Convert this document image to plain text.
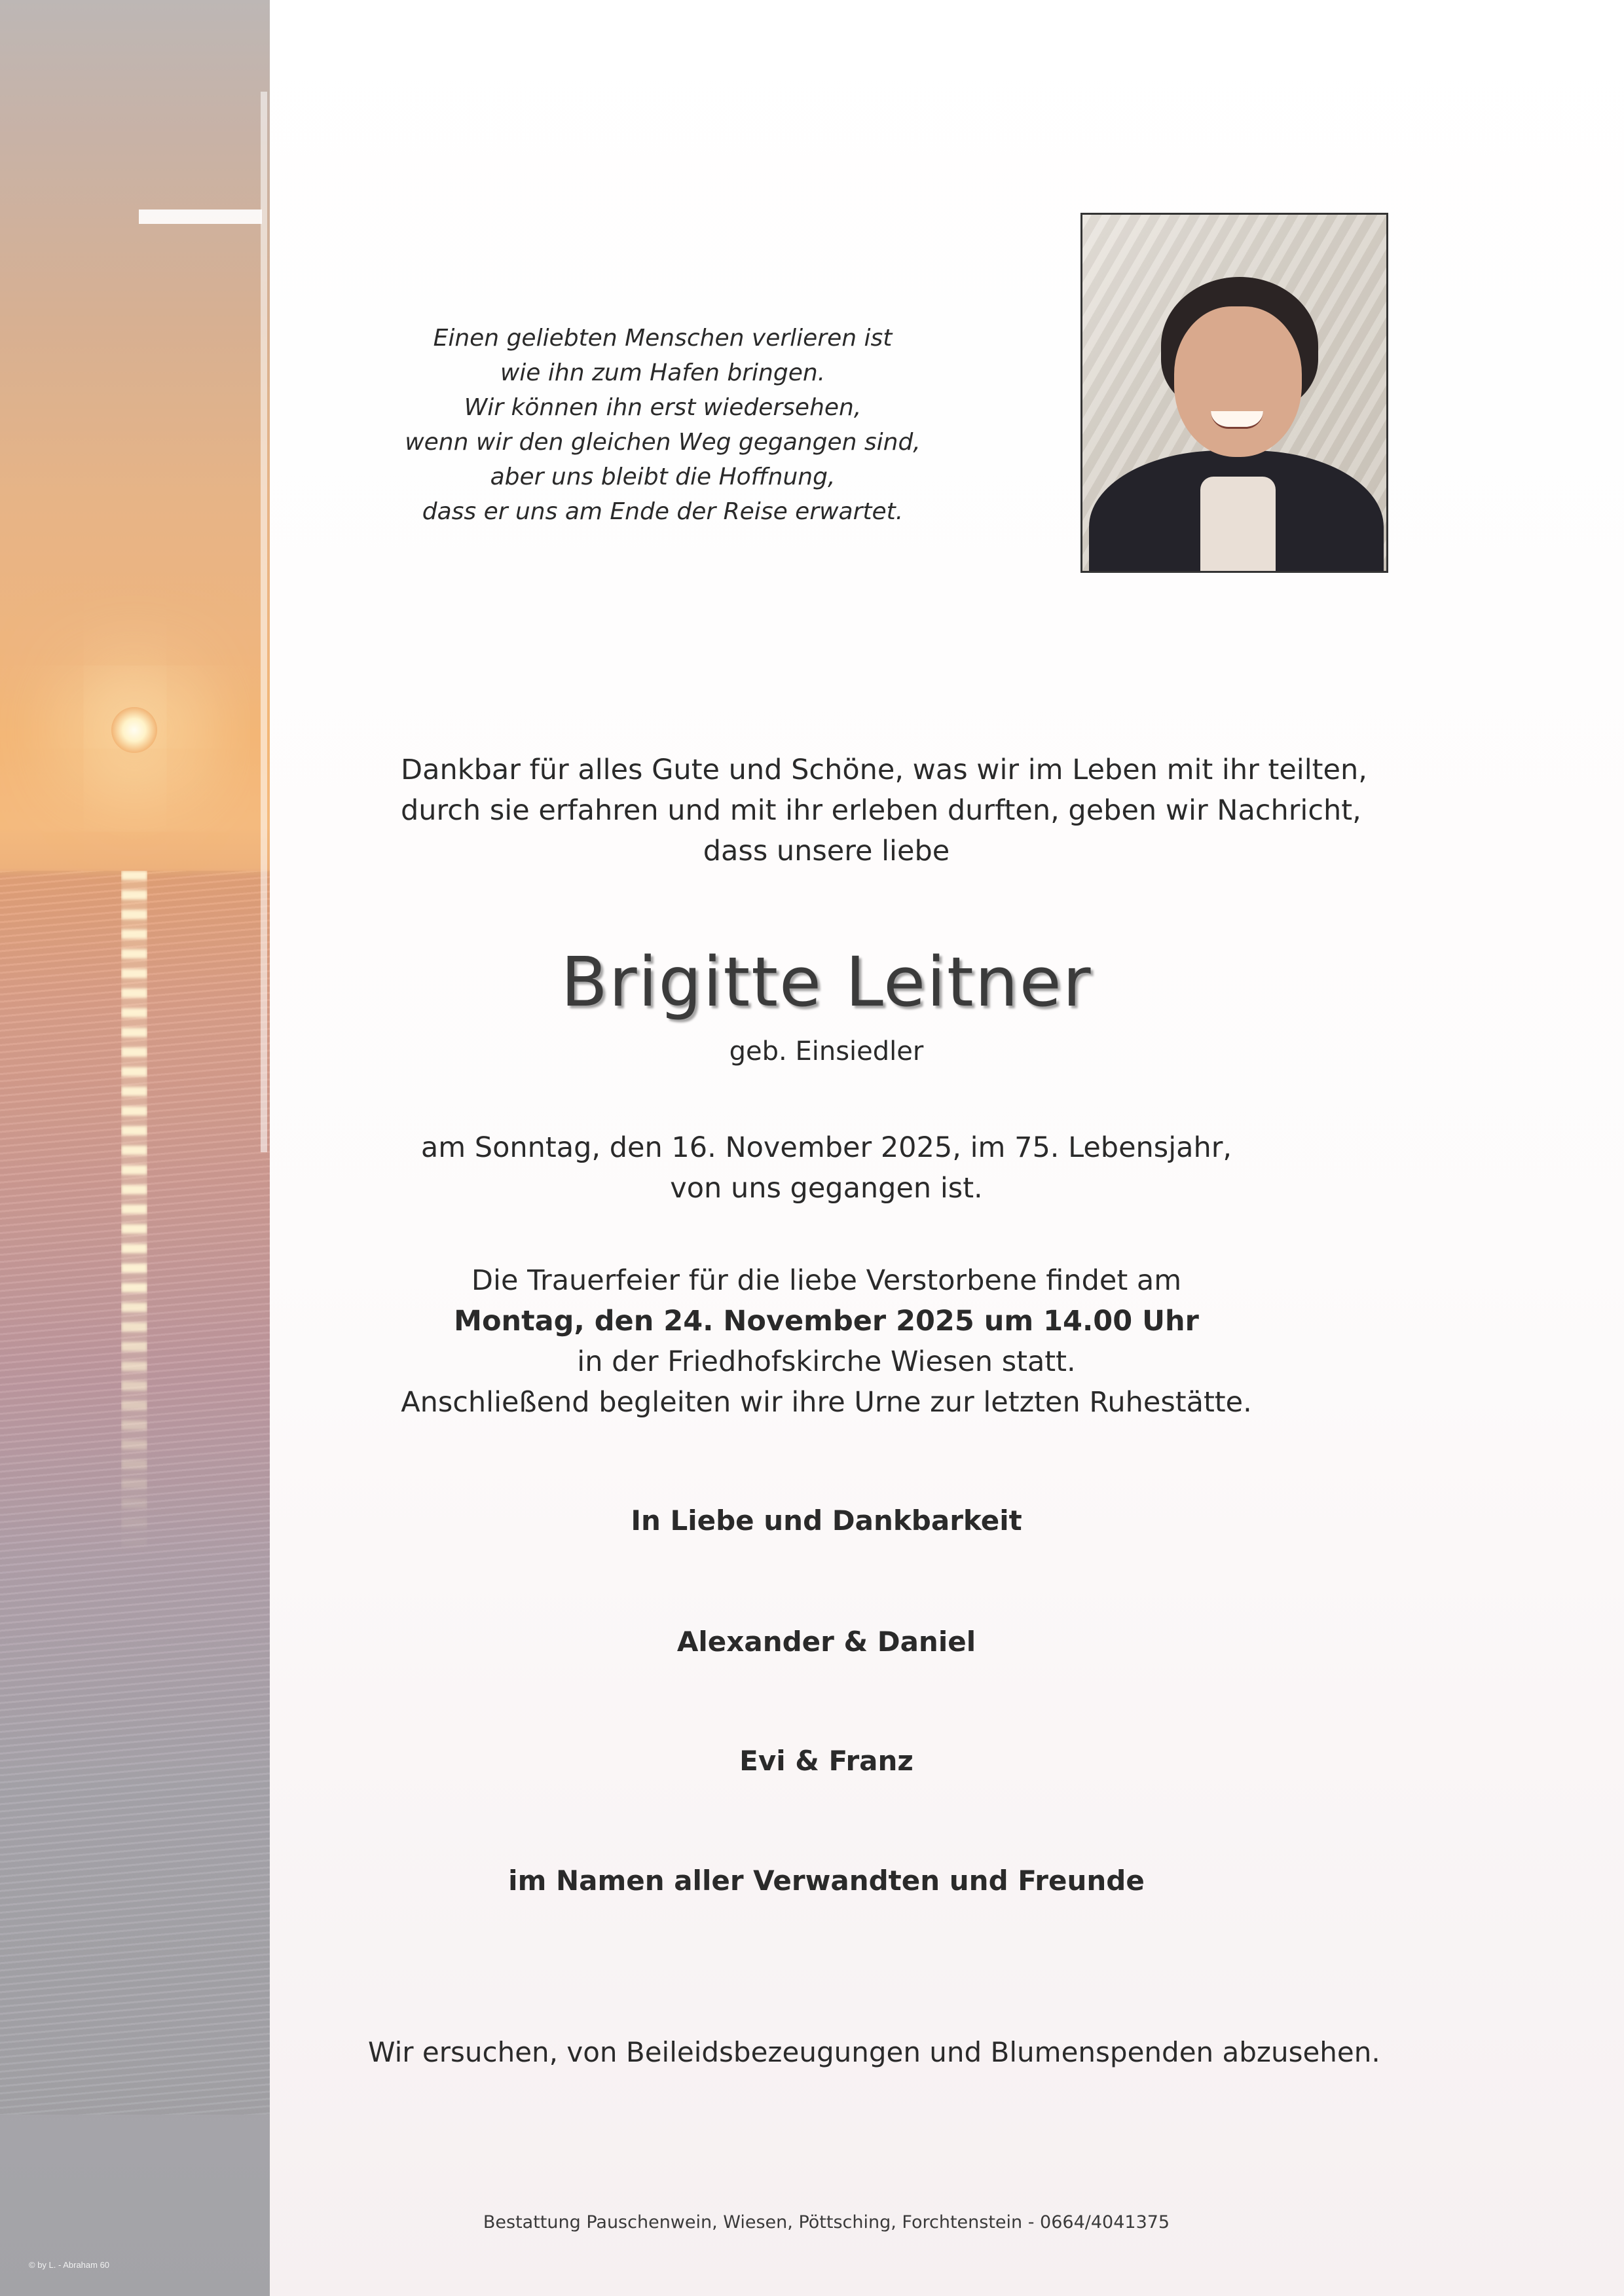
© by L. - Abraham 60
Einen geliebten Menschen verlieren ist
wie ihn zum Hafen bringen.
Wir können ihn erst wiedersehen,
wenn wir den gleichen Weg gegangen sind,
aber uns bleibt die Hoffnung,
dass er uns am Ende der Reise erwartet.
Dankbar für alles Gute und Schöne, was wir im Leben mit ihr teilten,
durch sie erfahren und mit ihr erleben durften, geben wir Nachricht,
dass unsere liebe
Brigitte Leitner
geb. Einsiedler
am Sonntag, den 16. November 2025, im 75. Lebensjahr,
von uns gegangen ist.
Die Trauerfeier für die liebe Verstorbene findet am
Montag, den 24. November 2025 um 14.00 Uhr
in der Friedhofskirche Wiesen statt.
Anschließend begleiten wir ihre Urne zur letzten Ruhestätte.
In Liebe und Dankbarkeit
Alexander & Daniel
Evi & Franz
im Namen aller Verwandten und Freunde
Wir ersuchen, von Beileidsbezeugungen und Blumenspenden abzusehen.
Bestattung Pauschenwein, Wiesen, Pöttsching, Forchtenstein - 0664/4041375
